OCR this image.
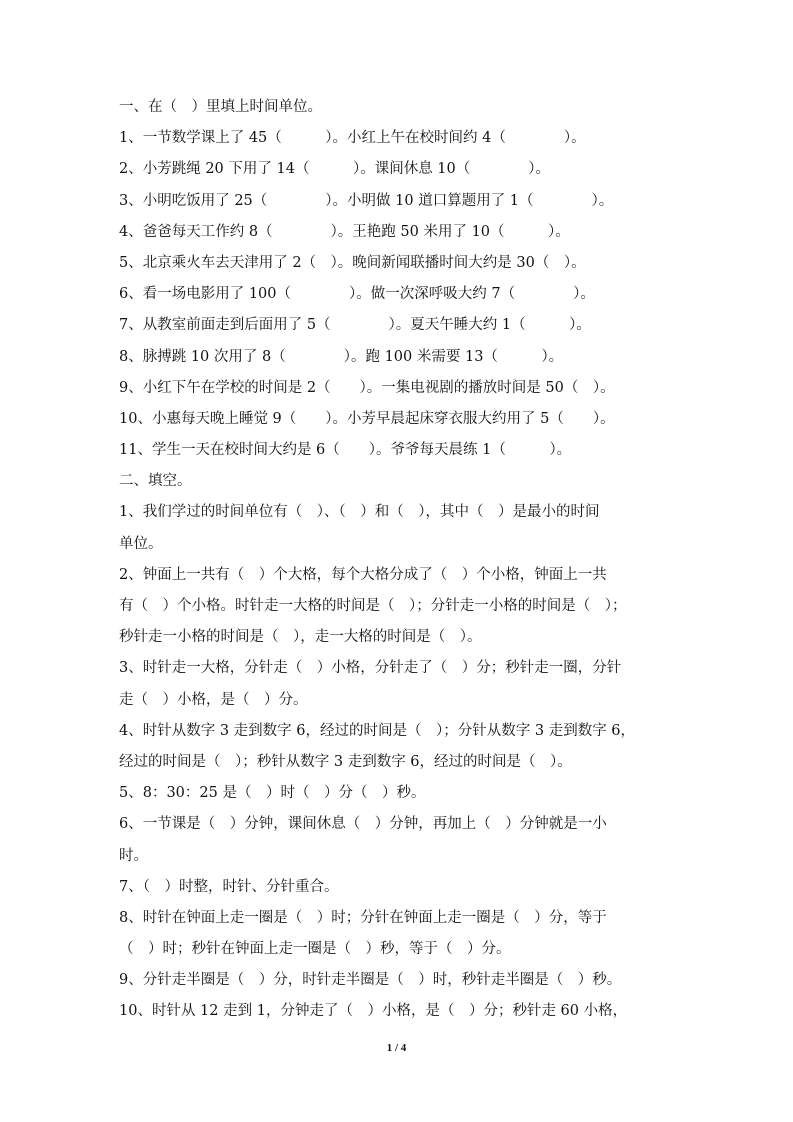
一、在（　）里填上时间单位。
1、一节数学课上了 45（　　　）。小红上午在校时间约 4（　　　　）。
2、小芳跳绳 20 下用了 14（　　　）。课间休息 10（　　　　）。
3、小明吃饭用了 25（　　　　）。小明做 10 道口算题用了 1（　　　　）。
4、爸爸每天工作约 8（　　　　）。王艳跑 50 米用了 10（　　　）。
5、北京乘火车去天津用了 2（　）。晚间新闻联播时间大约是 30（　）。
6、看一场电影用了 100（　　　　）。做一次深呼吸大约 7（　　　　）。
7、从教室前面走到后面用了 5（　　　　）。夏天午睡大约 1（　　　）。
8、脉搏跳 10 次用了 8（　　　　）。跑 100 米需要 13（　　　）。
9、小红下午在学校的时间是 2（　　）。一集电视剧的播放时间是 50（　）。
10、小惠每天晚上睡觉 9（　　）。小芳早晨起床穿衣服大约用了 5（　　）。
11、学生一天在校时间大约是 6（　　）。爷爷每天晨练 1（　　　）。
二、填空。
1、我们学过的时间单位有（　）、（　）和（　），其中（　）是最小的时间
单位。
2、钟面上一共有（　）个大格，每个大格分成了（　）个小格，钟面上一共
有（　）个小格。时针走一大格的时间是（　）；分针走一小格的时间是（　）；
秒针走一小格的时间是（　），走一大格的时间是（　）。
3、时针走一大格，分针走（　）小格，分针走了（　）分；秒针走一圈，分针
走（　）小格，是（　）分。
4、时针从数字 3 走到数字 6，经过的时间是（　）；分针从数字 3 走到数字 6，
经过的时间是（　）；秒针从数字 3 走到数字 6，经过的时间是（　）。
5、8：30：25 是（　）时（　）分（　）秒。
6、一节课是（　）分钟，课间休息（　）分钟，再加上（　）分钟就是一小
时。
7、（　）时整，时针、分针重合。
8、时针在钟面上走一圈是（　）时；分针在钟面上走一圈是（　）分，等于
（　）时；秒针在钟面上走一圈是（　）秒，等于（　）分。
9、分针走半圈是（　）分，时针走半圈是（　）时，秒针走半圈是（　）秒。
10、时针从 12 走到 1，分钟走了（　）小格，是（　）分；秒针走 60 小格，
1 / 4
